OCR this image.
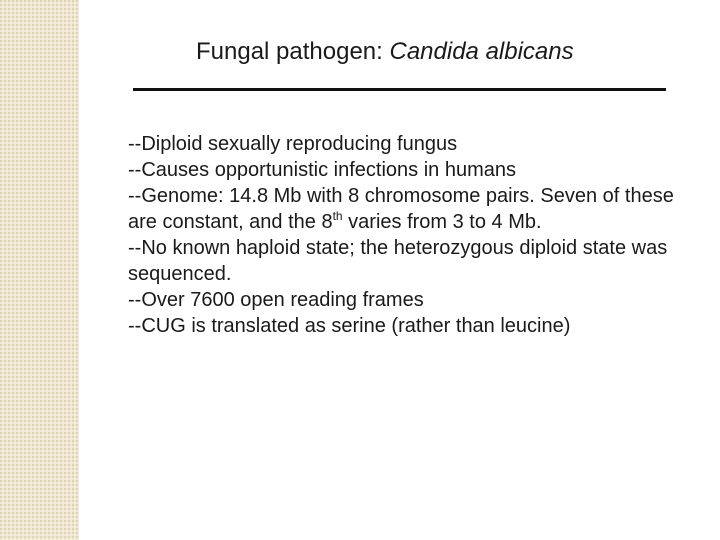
Fungal pathogen: Candida albicans

--Diploid sexually reproducing fungus

--Causes opportunistic infections in humans

--Genome: 14.8 Mb with 8 chromosome pairs. Seven of these are constant, and the 8th varies from 3 to 4 Mb.

--No known haploid state; the heterozygous diploid state was sequenced.

--Over 7600 open reading frames

--CUG is translated as serine (rather than leucine)
